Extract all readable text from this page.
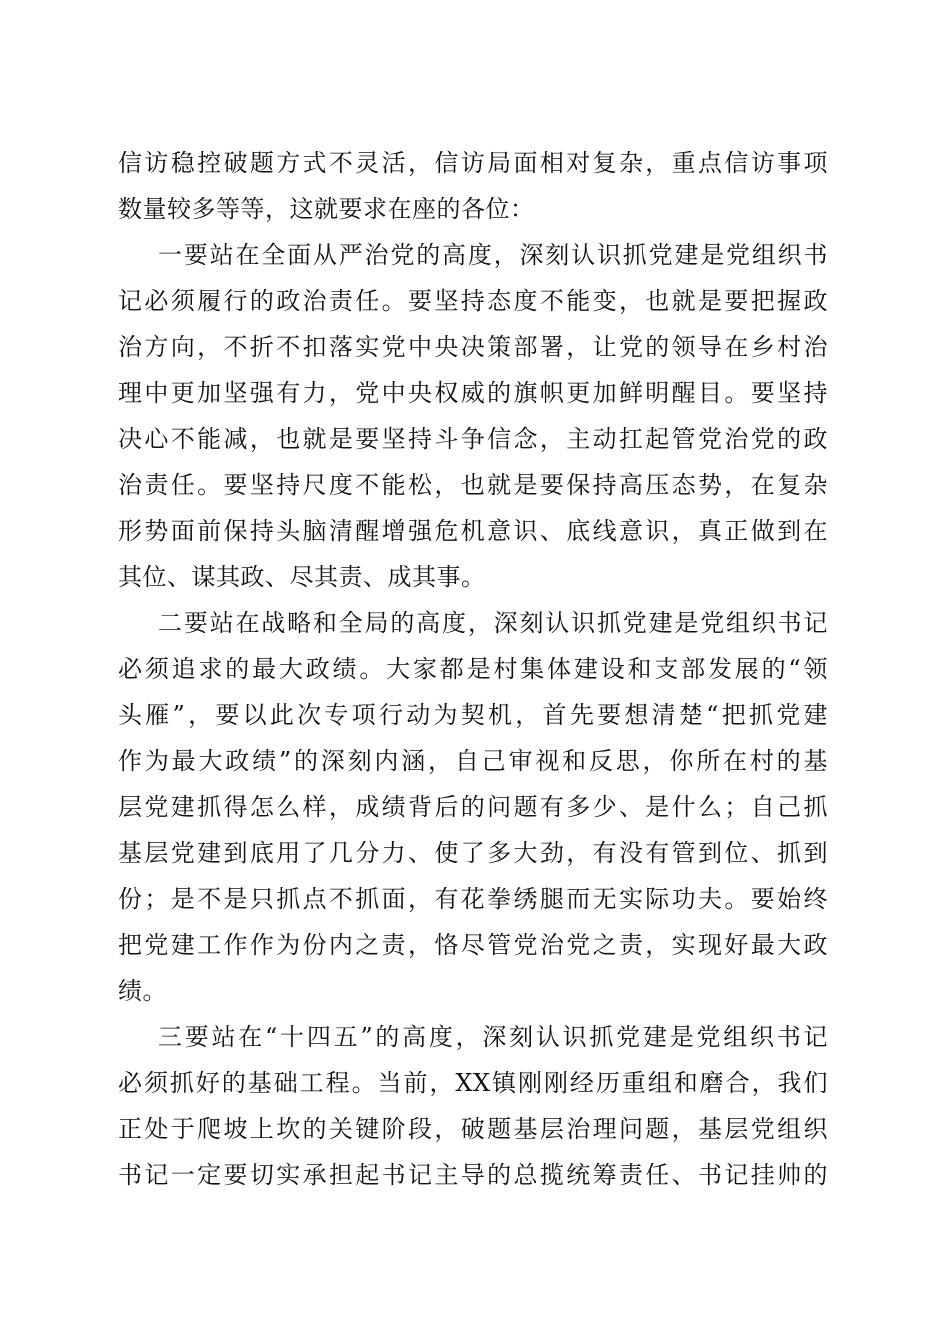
信访稳控破题方式不灵活，信访局面相对复杂，重点信访事项
数量较多等等，这就要求在座的各位：
一要站在全面从严治党的高度，深刻认识抓党建是党组织书
记必须履行的政治责任。要坚持态度不能变，也就是要把握政
治方向，不折不扣落实党中央决策部署，让党的领导在乡村治
理中更加坚强有力，党中央权威的旗帜更加鲜明醒目。要坚持
决心不能减，也就是要坚持斗争信念，主动扛起管党治党的政
治责任。要坚持尺度不能松，也就是要保持高压态势，在复杂
形势面前保持头脑清醒增强危机意识、底线意识，真正做到在
其位、谋其政、尽其责、成其事。
二要站在战略和全局的高度，深刻认识抓党建是党组织书记
必须追求的最大政绩。大家都是村集体建设和支部发展的“领
头雁”，要以此次专项行动为契机，首先要想清楚“把抓党建
作为最大政绩”的深刻内涵，自己审视和反思，你所在村的基
层党建抓得怎么样，成绩背后的问题有多少、是什么；自己抓
基层党建到底用了几分力、使了多大劲，有没有管到位、抓到
份；是不是只抓点不抓面，有花拳绣腿而无实际功夫。要始终
把党建工作作为份内之责，恪尽管党治党之责，实现好最大政
绩。
三要站在“十四五”的高度，深刻认识抓党建是党组织书记
必须抓好的基础工程。当前，XX镇刚刚经历重组和磨合，我们
正处于爬坡上坎的关键阶段，破题基层治理问题，基层党组织
书记一定要切实承担起书记主导的总揽统筹责任、书记挂帅的
